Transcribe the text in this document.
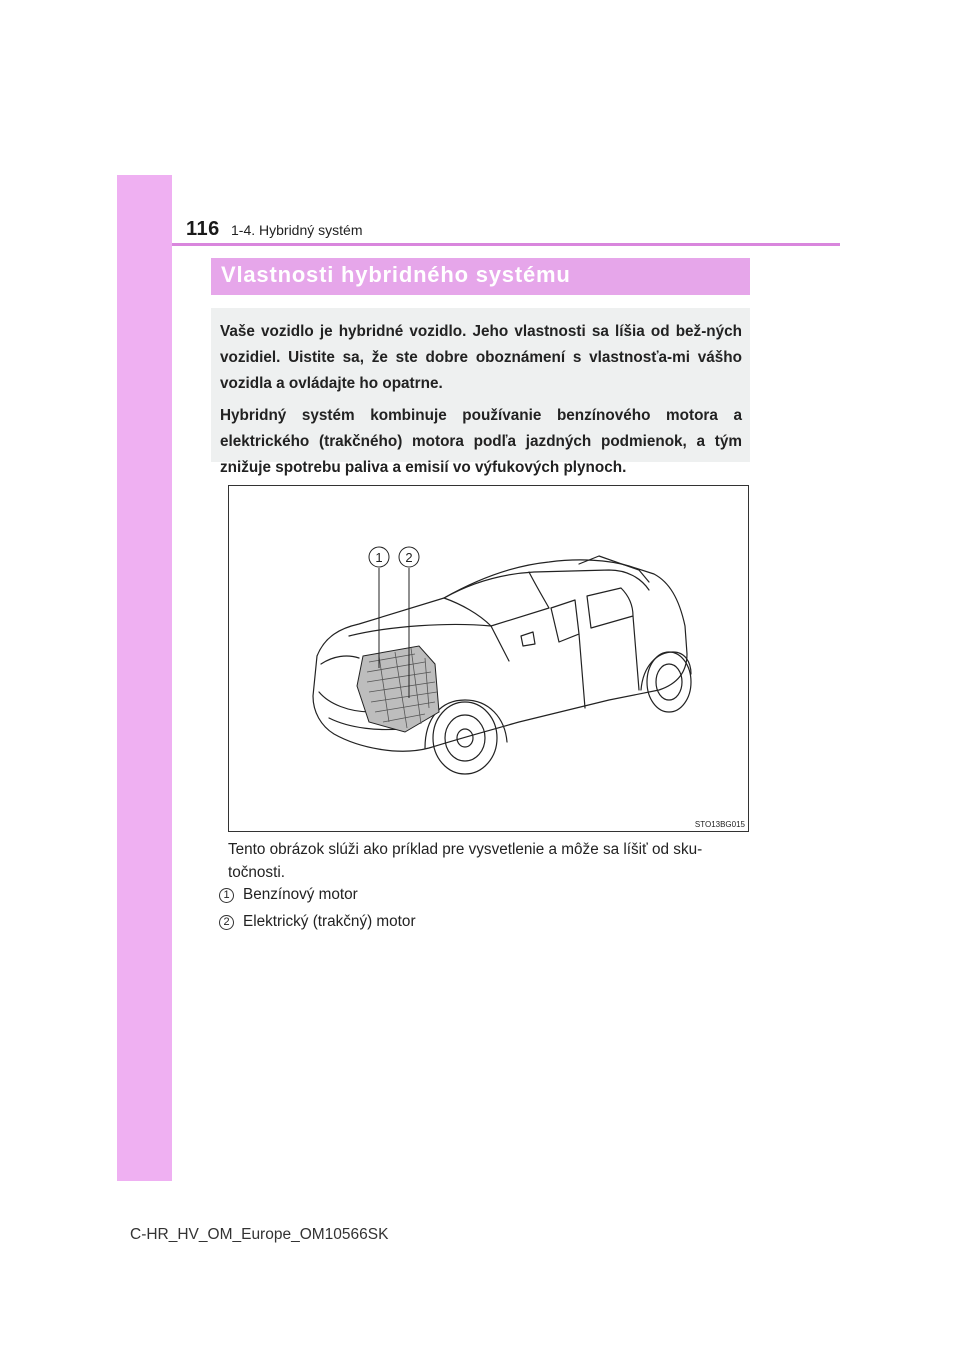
116 1-4. Hybridný systém
Vlastnosti hybridného systému

Vaše vozidlo je hybridné vozidlo. Jeho vlastnosti sa líšia od bež-ných vozidiel. Uistite sa, že ste dobre oboznámení s vlastnosťa-mi vášho vozidla a ovládajte ho opatrne.

Hybridný systém kombinuje používanie benzínového motora a elektrického (trakčného) motora podľa jazdných podmienok, a tým znižuje spotrebu paliva a emisií vo výfukových plynoch.

1 2
STO13BG015

Tento obrázok slúži ako príklad pre vysvetlenie a môže sa líšiť od sku-točnosti.

1 Benzínový motor
2 Elektrický (trakčný) motor
C-HR_HV_OM_Europe_OM10566SK
